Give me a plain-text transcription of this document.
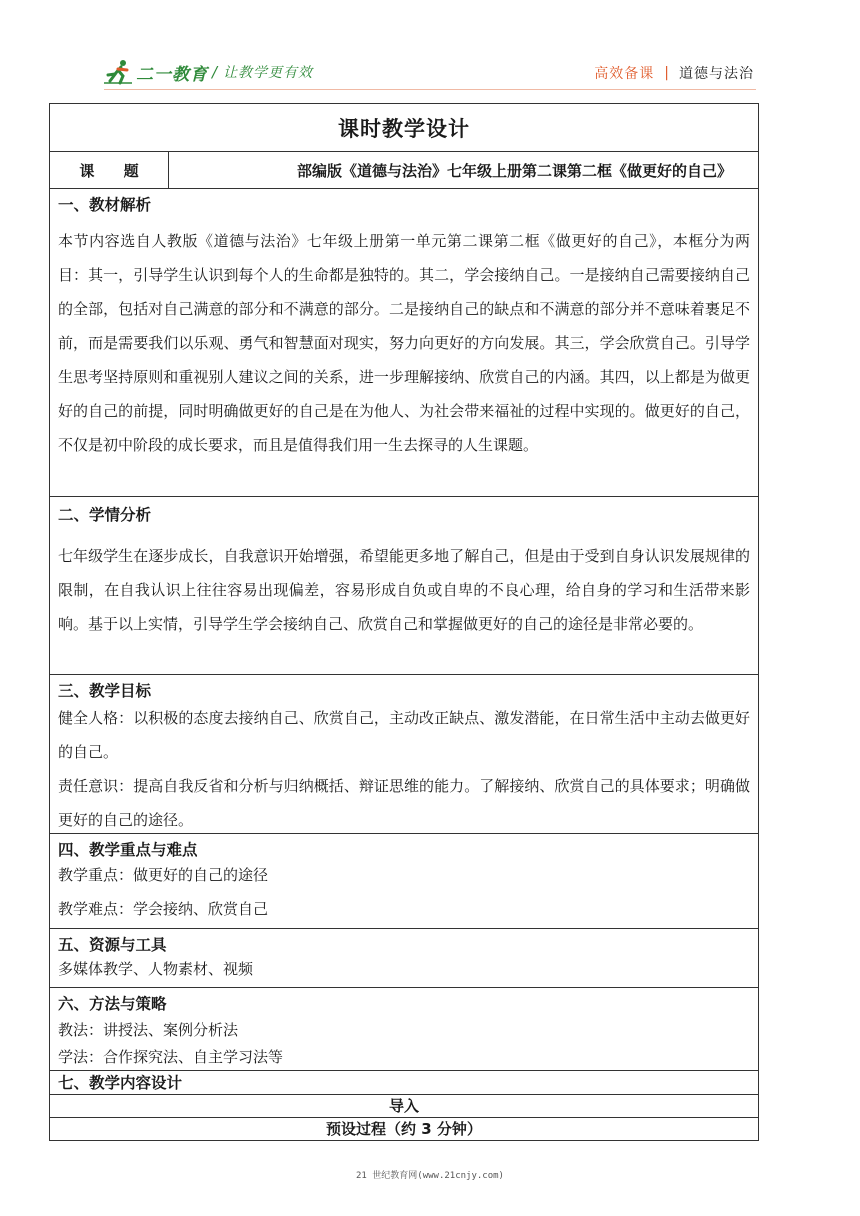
二一教育 / 让教学更有效	高效备课 | 道德与法治
课时教学设计
课 题	部编版《道德与法治》七年级上册第二课第二框《做更好的自己》
一、教材解析
本节内容选自人教版《道德与法治》七年级上册第一单元第二课第二框《做更好的自己》，本框分为两目：其一，引导学生认识到每个人的生命都是独特的。其二，学会接纳自己。一是接纳自己需要接纳自己的全部，包括对自己满意的部分和不满意的部分。二是接纳自己的缺点和不满意的部分并不意味着裹足不前，而是需要我们以乐观、勇气和智慧面对现实，努力向更好的方向发展。其三，学会欣赏自己。引导学生思考坚持原则和重视别人建议之间的关系，进一步理解接纳、欣赏自己的内涵。其四，以上都是为做更好的自己的前提，同时明确做更好的自己是在为他人、为社会带来福祉的过程中实现的。做更好的自己，不仅是初中阶段的成长要求，而且是值得我们用一生去探寻的人生课题。
二、学情分析
七年级学生在逐步成长，自我意识开始增强，希望能更多地了解自己，但是由于受到自身认识发展规律的限制，在自我认识上往往容易出现偏差，容易形成自负或自卑的不良心理，给自身的学习和生活带来影响。基于以上实情，引导学生学会接纳自己、欣赏自己和掌握做更好的自己的途径是非常必要的。
三、教学目标
健全人格：以积极的态度去接纳自己、欣赏自己，主动改正缺点、激发潜能，在日常生活中主动去做更好的自己。
责任意识：提高自我反省和分析与归纳概括、辩证思维的能力。了解接纳、欣赏自己的具体要求；明确做更好的自己的途径。
四、教学重点与难点
教学重点：做更好的自己的途径
教学难点：学会接纳、欣赏自己
五、资源与工具
多媒体教学、人物素材、视频
六、方法与策略
教法：讲授法、案例分析法
学法：合作探究法、自主学习法等
七、教学内容设计
导入
预设过程（约 3 分钟）
21 世纪教育网(www.21cnjy.com)
